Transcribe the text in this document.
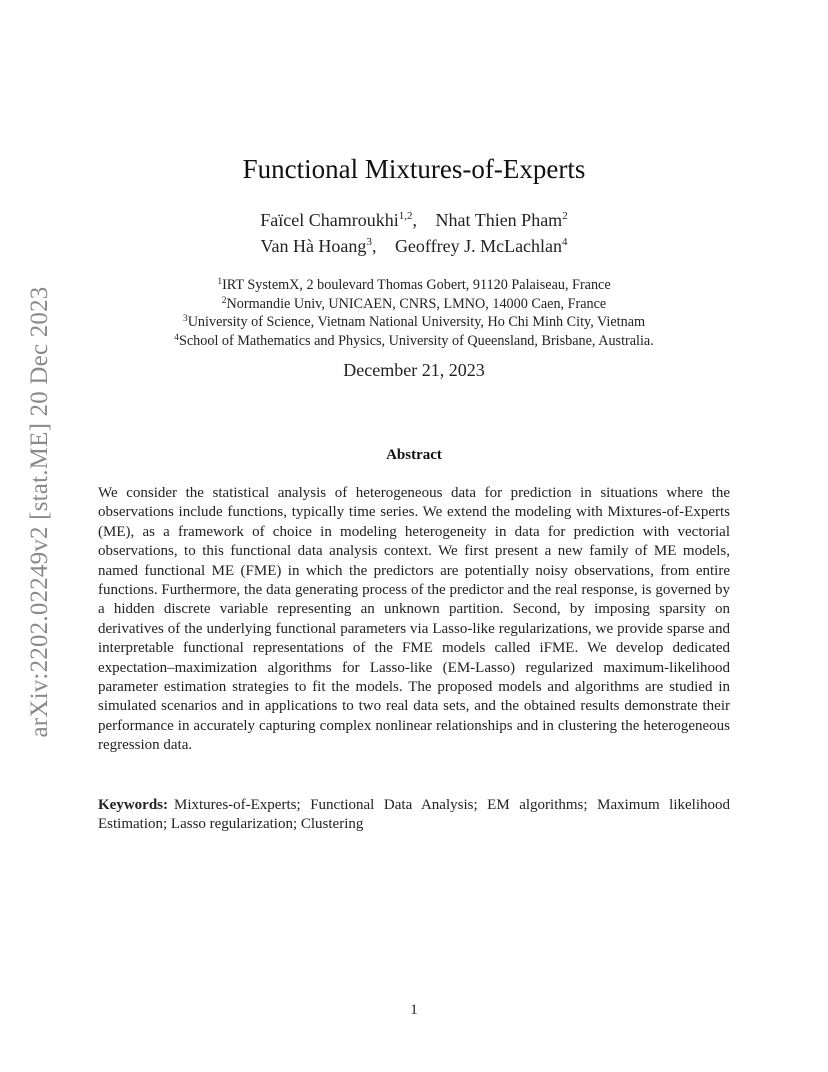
arXiv:2202.02249v2 [stat.ME] 20 Dec 2023
Functional Mixtures-of-Experts
Faïcel Chamroukhi$^{1,2}$, Nhat Thien Pham$^2$
Van Hà Hoang$^3$, Geoffrey J. McLachlan$^4$
$^1$IRT SystemX, 2 boulevard Thomas Gobert, 91120 Palaiseau, France
$^2$Normandie Univ, UNICAEN, CNRS, LMNO, 14000 Caen, France
$^3$University of Science, Vietnam National University, Ho Chi Minh City, Vietnam
$^4$School of Mathematics and Physics, University of Queensland, Brisbane, Australia.
December 21, 2023
Abstract
We consider the statistical analysis of heterogeneous data for prediction in situations where the observations include functions, typically time series. We extend the modeling with Mixtures-of-Experts (ME), as a framework of choice in modeling heterogeneity in data for prediction with vectorial observations, to this functional data analysis context. We first present a new family of ME models, named functional ME (FME) in which the predictors are potentially noisy observations, from entire functions. Furthermore, the data generating process of the predictor and the real response, is governed by a hidden discrete variable representing an unknown partition. Second, by imposing sparsity on derivatives of the underlying functional parameters via Lasso-like regularizations, we provide sparse and interpretable functional representations of the FME models called iFME. We develop dedicated expectation–maximization algorithms for Lasso-like (EM-Lasso) regularized maximum-likelihood parameter estimation strategies to fit the models. The proposed models and algorithms are studied in simulated scenarios and in applications to two real data sets, and the obtained results demonstrate their performance in accurately capturing complex nonlinear relationships and in clustering the heterogeneous regression data.
Keywords: Mixtures-of-Experts; Functional Data Analysis; EM algorithms; Maximum likelihood Estimation; Lasso regularization; Clustering
1
